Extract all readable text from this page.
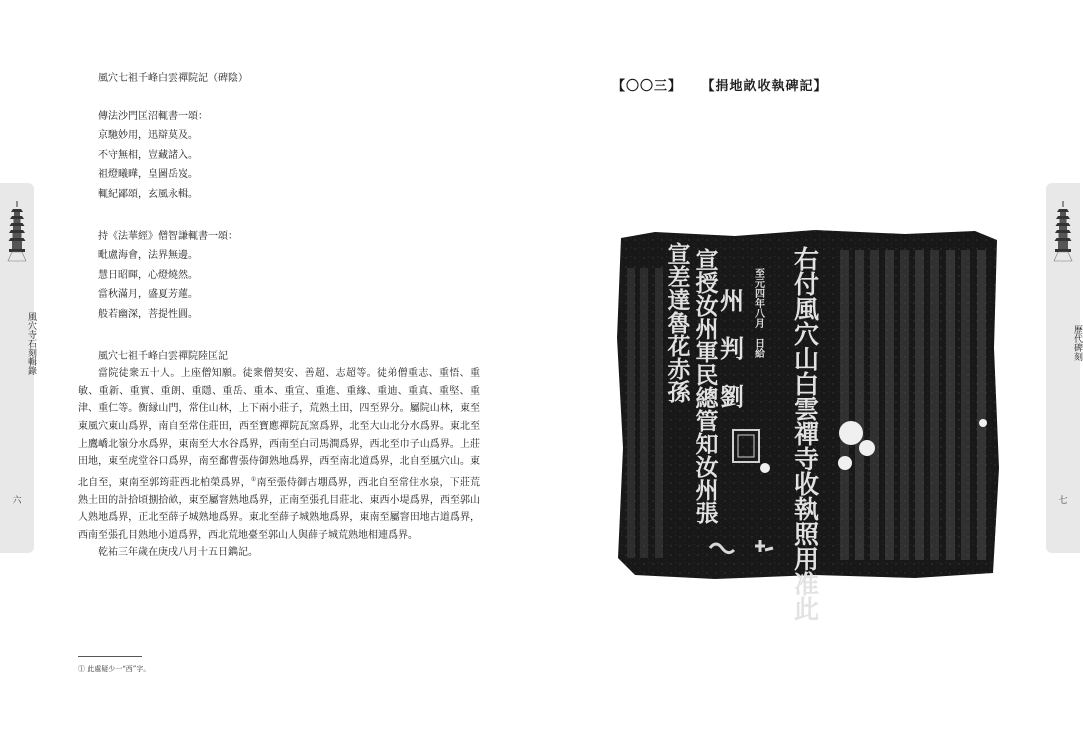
風穴寺石刻輯錄
六
歷代碑刻
七
風穴七祖千峰白雲禪院記（碑陰）
傳法沙門匡沼輒書一頌：
京馳妙用，迅辯莫及。
不守無相，豈藏諸入。
祖燈曦曄，皇圖岳岌。
輒紀鄙頌，玄風永輯。
持《法華經》僧智謙輒書一頌：
毗盧海會，法界無邊。
慧日昭暉，心燈燒然。
當秋滿月，盛夏芳蓮。
般若幽深，菩提性圓。
風穴七祖千峰白雲禪院陸匡記

當院徒衆五十人。上座僧知願。徒衆僧契安、善超、志超等。徒弟僧重志、重悟、重敏、重新、重實、重朗、重隱、重岳、重本、重宣、重進、重緣、重迪、重真、重堅、重津、重仁等。衡縁山門，常住山林，上下兩小莊子，荒熟土田，四至界分。屬院山林，東至東風穴東山爲界，南自至常住莊田，西至寶應禪院瓦窯爲界，北至大山北分水爲界。東北至上鷹嶠北嶺分水爲界，東南至大水谷爲界，西南至白司馬澗爲界，西北至巾子山爲界。上莊田地，東至虎堂谷口爲界，南至鄱曹張侍御熟地爲界，西至南北道爲界，北自至風穴山。東北自至，東南至郭筠莊西北柏榮爲界，①南至張侍御古堋爲界，西北自至常住水泉，下莊荒熟土田的計拾頃捌拾畝，東至屬窨熟地爲界，正南至張孔目莊北、東西小堤爲界，西至郭山人熟地爲界，正北至薛子城熟地爲界。東北至薛子城熟地爲界，東南至屬窨田地古道爲界，西南至張孔目熟地小道爲界，西北荒地臺至郭山人與薛子城荒熟地相連爲界。

乾祐三年歲在庚戌八月十五日鐫記。
① 此處疑少一“西”字。
【〇〇三】 【捐地畝收執碑記】
右付風穴山白雲禪寺收執照用准此
至元四年八月　日給
州　判　劉
宣授汝州軍民總管知汝州張
宣差達魯花赤孫
